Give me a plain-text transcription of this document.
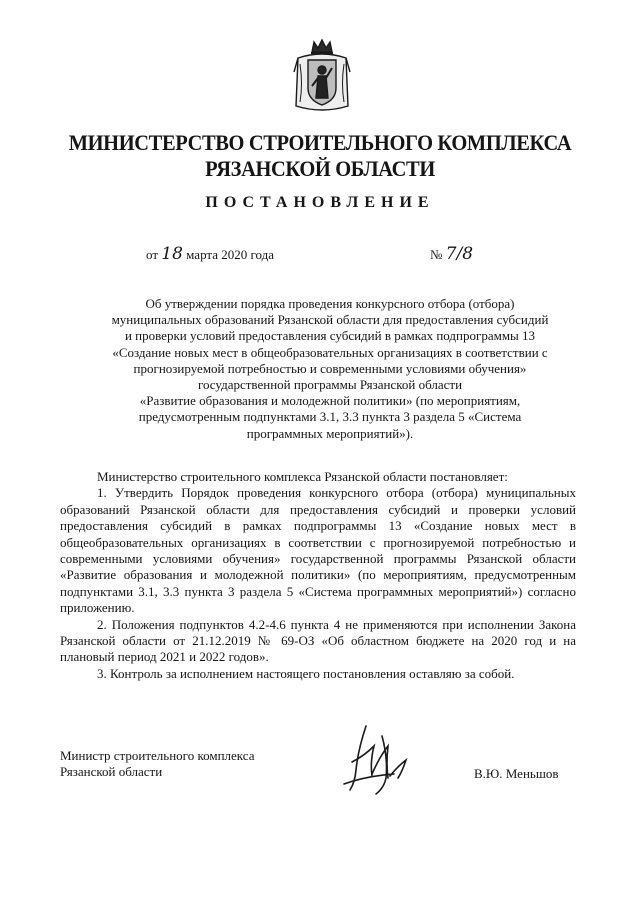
МИНИСТЕРСТВО СТРОИТЕЛЬНОГО КОМПЛЕКСА
РЯЗАНСКОЙ ОБЛАСТИ
ПОСТАНОВЛЕНИЕ
от 18 марта 2020 года	№ 7/8
Об утверждении порядка проведения конкурсного отбора (отбора)
муниципальных образований Рязанской области для предоставления субсидий
и проверки условий предоставления субсидий в рамках подпрограммы 13
«Создание новых мест в общеобразовательных организациях в соответствии с
прогнозируемой потребностью и современными условиями обучения»
государственной программы Рязанской области
«Развитие образования и молодежной политики» (по мероприятиям,
предусмотренным подпунктами 3.1, 3.3 пункта 3 раздела 5 «Система
программных мероприятий»).

Министерство строительного комплекса Рязанской области постановляет:

1. Утвердить Порядок проведения конкурсного отбора (отбора) муниципальных образований Рязанской области для предоставления субсидий и проверки условий предоставления субсидий в рамках подпрограммы 13 «Создание новых мест в общеобразовательных организациях в соответствии с прогнозируемой потребностью и современными условиями обучения» государственной программы Рязанской области «Развитие образования и молодежной политики» (по мероприятиям, предусмотренным подпунктами 3.1, 3.3 пункта 3 раздела 5 «Система программных мероприятий») согласно приложению.

2. Положения подпунктов 4.2-4.6 пункта 4 не применяются при исполнении Закона Рязанской области от 21.12.2019 № 69-ОЗ «Об областном бюджете на 2020 год и на плановый период 2021 и 2022 годов».

3. Контроль за исполнением настоящего постановления оставляю за собой.

Министр строительного комплекса
Рязанской области	В.Ю. Меньшов
